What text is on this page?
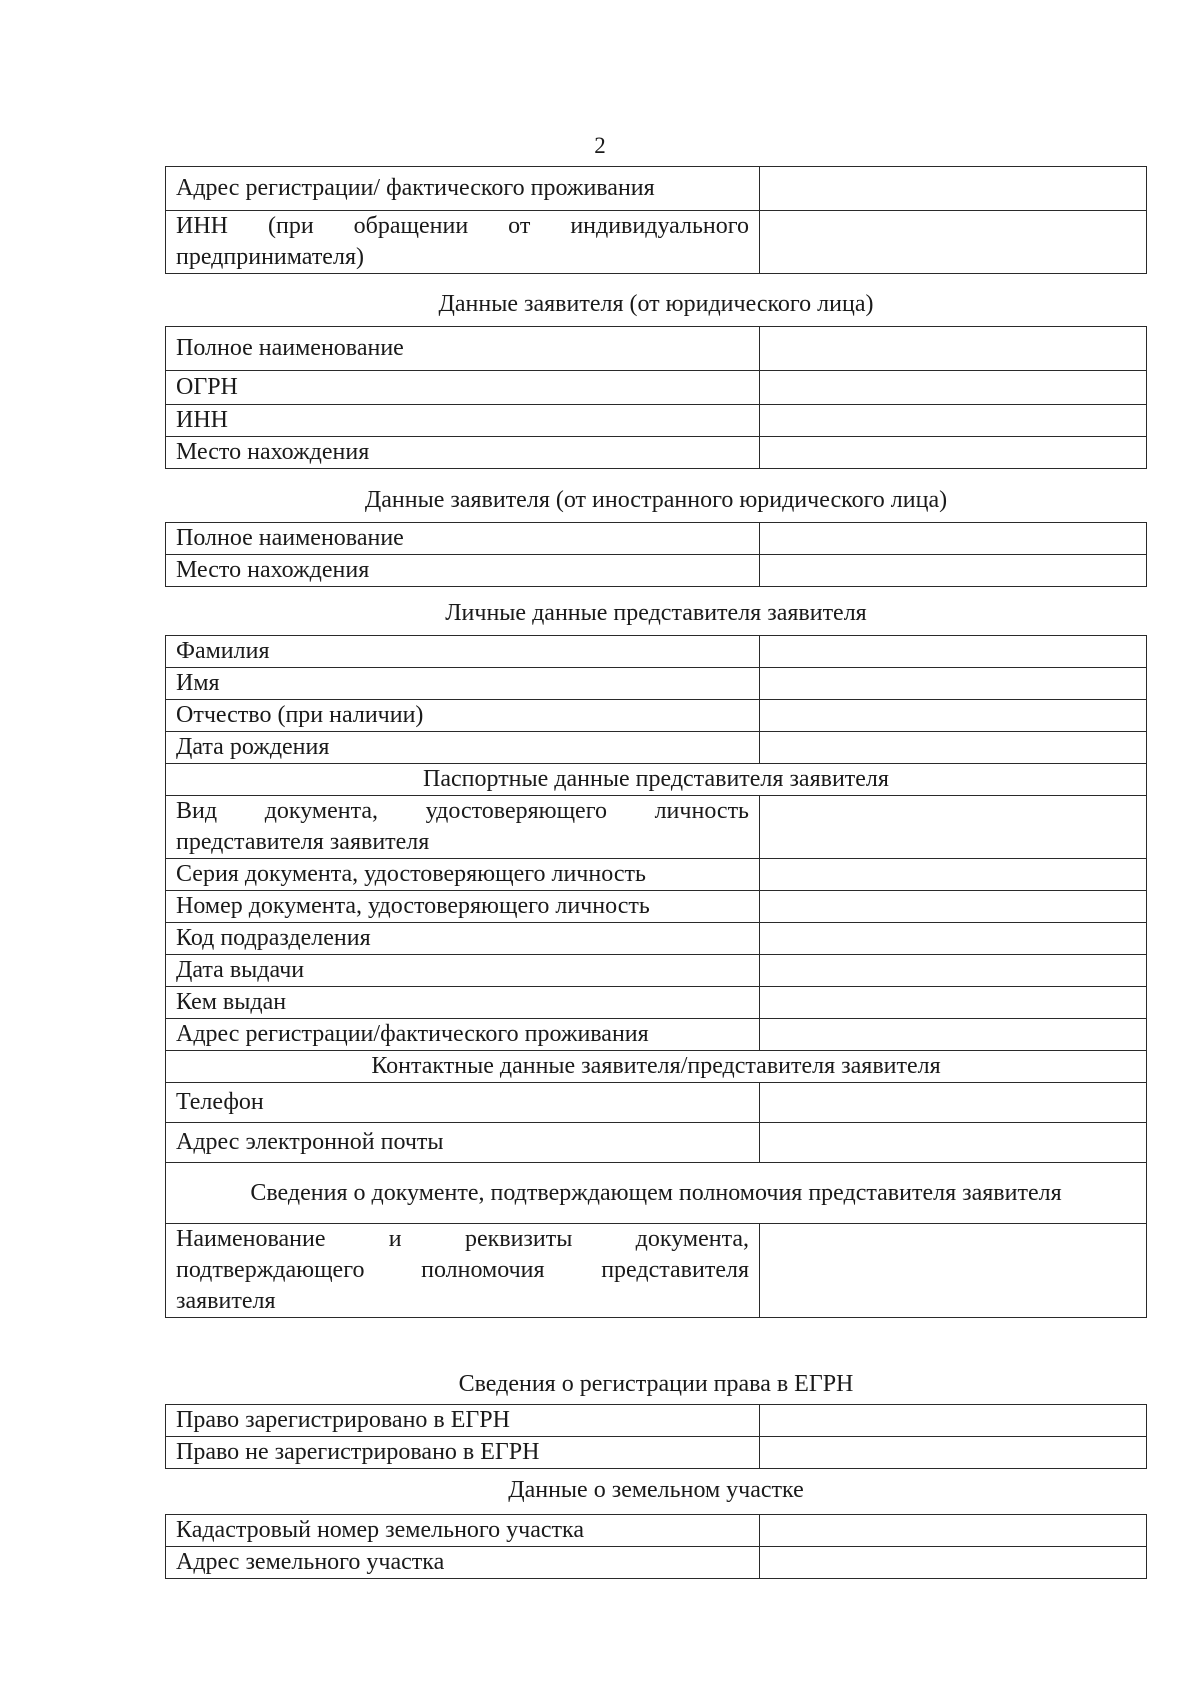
2
Адрес регистрации/ фактического проживания	
ИНН (при обращении от индивидуального предпринимателя)	
Данные заявителя (от юридического лица)
Полное наименование	
ОГРН	
ИНН	
Место нахождения	
Данные заявителя (от иностранного юридического лица)
Полное наименование	
Место нахождения	
Личные данные представителя заявителя
Фамилия	
Имя	
Отчество (при наличии)	
Дата рождения	
Паспортные данные представителя заявителя	
Вид документа, удостоверяющего личность представителя заявителя	
Серия документа, удостоверяющего личность	
Номер документа, удостоверяющего личность	
Код подразделения	
Дата выдачи	
Кем выдан	
Адрес регистрации/фактического проживания	
Контактные данные заявителя/представителя заявителя	
Телефон	
Адрес электронной почты	
Сведения о документе, подтверждающем полномочия представителя заявителя	
Наименование и реквизиты документа, подтверждающего полномочия представителя заявителя	
Сведения о регистрации права в ЕГРН
Право зарегистрировано в ЕГРН	
Право не зарегистрировано в ЕГРН	
Данные о земельном участке
Кадастровый номер земельного участка	
Адрес земельного участка	
